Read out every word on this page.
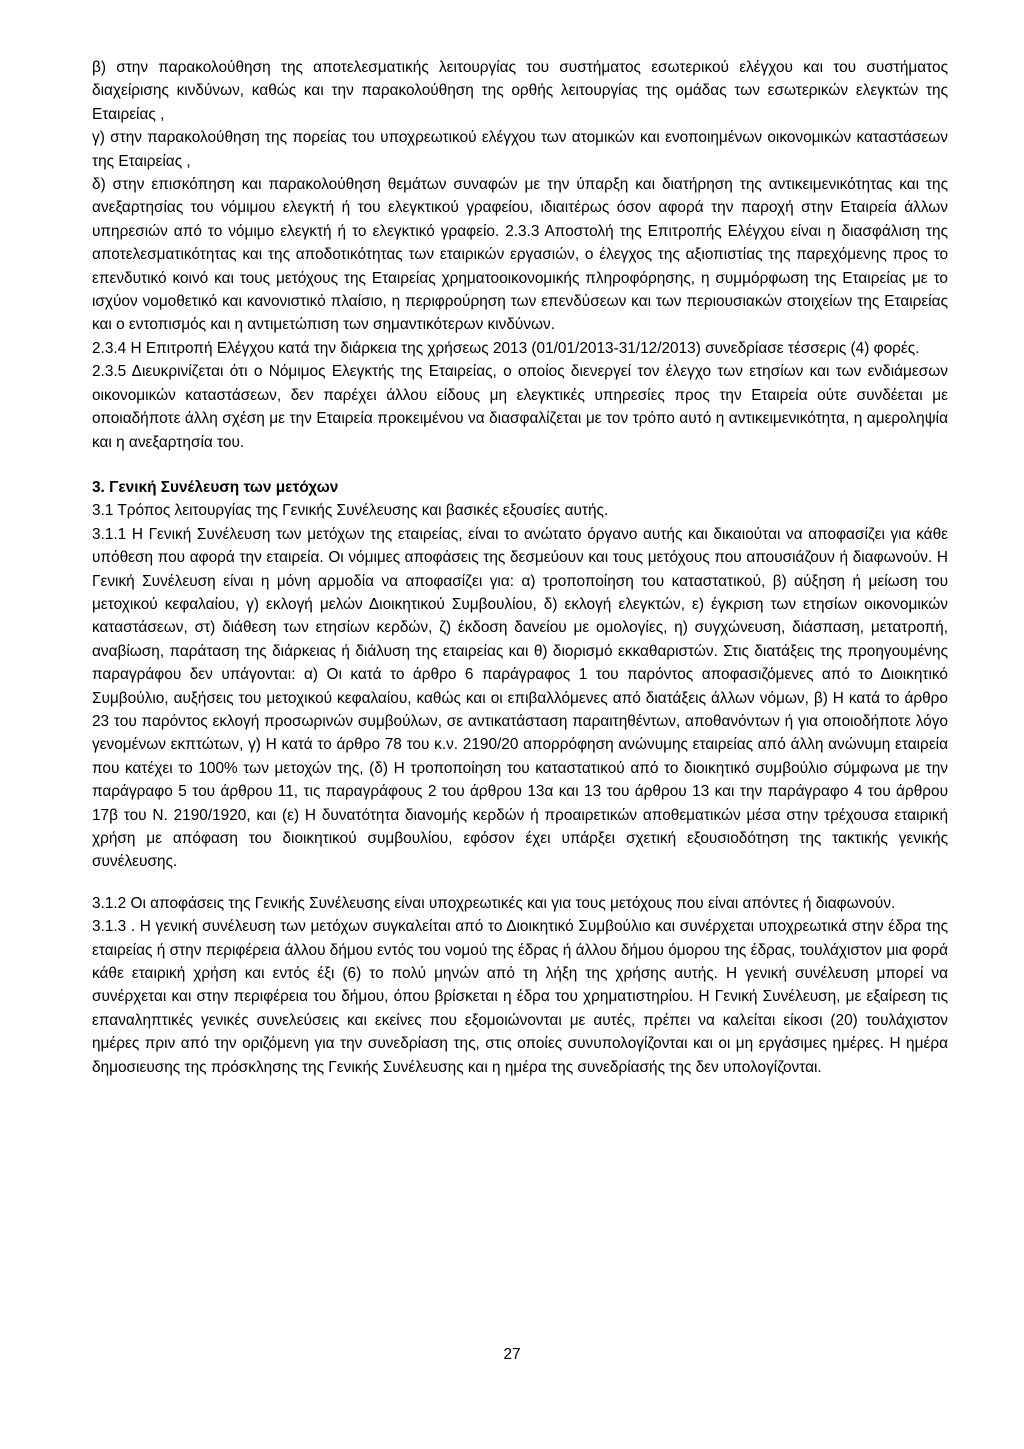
β) στην παρακολούθηση της αποτελεσματικής λειτουργίας του συστήματος εσωτερικού ελέγχου και του συστήματος διαχείρισης κινδύνων, καθώς και την παρακολούθηση της ορθής λειτουργίας της ομάδας των εσωτερικών ελεγκτών της Εταιρείας ,

γ) στην παρακολούθηση της πορείας του υποχρεωτικού ελέγχου των ατομικών και ενοποιημένων οικονομικών καταστάσεων της Εταιρείας ,

δ) στην επισκόπηση και παρακολούθηση θεμάτων συναφών με την ύπαρξη και διατήρηση της αντικειμενικότητας και της ανεξαρτησίας του νόμιμου ελεγκτή ή του ελεγκτικού γραφείου, ιδιαιτέρως όσον αφορά την παροχή στην Εταιρεία άλλων υπηρεσιών από το νόμιμο ελεγκτή ή το ελεγκτικό γραφείο. 2.3.3 Αποστολή της Επιτροπής Ελέγχου είναι η διασφάλιση της αποτελεσματικότητας και της αποδοτικότητας των εταιρικών εργασιών, ο έλεγχος της αξιοπιστίας της παρεχόμενης προς το επενδυτικό κοινό και τους μετόχους της Εταιρείας χρηματοοικονομικής πληροφόρησης, η συμμόρφωση της Εταιρείας με το ισχύον νομοθετικό και κανονιστικό πλαίσιο, η περιφρούρηση των επενδύσεων και των περιουσιακών στοιχείων της Εταιρείας και ο εντοπισμός και η αντιμετώπιση των σημαντικότερων κινδύνων.

2.3.4 Η Επιτροπή Ελέγχου κατά την διάρκεια της χρήσεως 2013 (01/01/2013-31/12/2013) συνεδρίασε τέσσερις (4) φορές.

2.3.5 Διευκρινίζεται ότι ο Νόμιμος Ελεγκτής της Εταιρείας, ο οποίος διενεργεί τον έλεγχο των ετησίων και των ενδιάμεσων οικονομικών καταστάσεων, δεν παρέχει άλλου είδους μη ελεγκτικές υπηρεσίες προς την Εταιρεία ούτε συνδέεται με οποιαδήποτε άλλη σχέση με την Εταιρεία προκειμένου να διασφαλίζεται με τον τρόπο αυτό η αντικειμενικότητα, η αμεροληψία και η ανεξαρτησία του.

3. Γενική Συνέλευση των μετόχων

3.1 Τρόπος λειτουργίας της Γενικής Συνέλευσης και βασικές εξουσίες αυτής.

3.1.1 Η Γενική Συνέλευση των μετόχων της εταιρείας, είναι το ανώτατο όργανο αυτής και δικαιούται να αποφασίζει για κάθε υπόθεση που αφορά την εταιρεία. Οι νόμιμες αποφάσεις της δεσμεύουν και τους μετόχους που απουσιάζουν ή διαφωνούν. Η Γενική Συνέλευση είναι η μόνη αρμοδία να αποφασίζει για: α) τροποποίηση του καταστατικού, β) αύξηση ή μείωση του μετοχικού κεφαλαίου, γ) εκλογή μελών Διοικητικού Συμβουλίου, δ) εκλογή ελεγκτών, ε) έγκριση των ετησίων οικονομικών καταστάσεων, στ) διάθεση των ετησίων κερδών, ζ) έκδοση δανείου με ομολογίες, η) συγχώνευση, διάσπαση, μετατροπή, αναβίωση, παράταση της διάρκειας ή διάλυση της εταιρείας και θ) διορισμό εκκαθαριστών. Στις διατάξεις της προηγουμένης παραγράφου δεν υπάγονται: α) Οι κατά το άρθρο 6 παράγραφος 1 του παρόντος αποφασιζόμενες από το Διοικητικό Συμβούλιο, αυξήσεις του μετοχικού κεφαλαίου, καθώς και οι επιβαλλόμενες από διατάξεις άλλων νόμων, β) Η κατά το άρθρο 23 του παρόντος εκλογή προσωρινών συμβούλων, σε αντικατάσταση παραιτηθέντων, αποθανόντων ή για οποιοδήποτε λόγο γενομένων εκπτώτων, γ) Η κατά το άρθρο 78 του κ.ν. 2190/20 απορρόφηση ανώνυμης εταιρείας από άλλη ανώνυμη εταιρεία που κατέχει το 100% των μετοχών της, (δ) Η τροποποίηση του καταστατικού από το διοικητικό συμβούλιο σύμφωνα με την παράγραφο 5 του άρθρου 11, τις παραγράφους 2 του άρθρου 13α και 13 του άρθρου 13 και την παράγραφο 4 του άρθρου 17β του Ν. 2190/1920, και (ε) Η δυνατότητα διανομής κερδών ή προαιρετικών αποθεματικών μέσα στην τρέχουσα εταιρική χρήση με απόφαση του διοικητικού συμβουλίου, εφόσον έχει υπάρξει σχετική εξουσιοδότηση της τακτικής γενικής συνέλευσης.

3.1.2 Οι αποφάσεις της Γενικής Συνέλευσης είναι υποχρεωτικές και για τους μετόχους που είναι απόντες ή διαφωνούν.

3.1.3 . Η γενική συνέλευση των μετόχων συγκαλείται από το Διοικητικό Συμβούλιο και συνέρχεται υποχρεωτικά στην έδρα της εταιρείας ή στην περιφέρεια άλλου δήμου εντός του νομού της έδρας ή άλλου δήμου όμορου της έδρας, τουλάχιστον μια φορά κάθε εταιρική χρήση και εντός έξι (6) το πολύ μηνών από τη λήξη της χρήσης αυτής. Η γενική συνέλευση μπορεί να συνέρχεται και στην περιφέρεια του δήμου, όπου βρίσκεται η έδρα του χρηματιστηρίου. Η Γενική Συνέλευση, με εξαίρεση τις επαναληπτικές γενικές συνελεύσεις και εκείνες που εξομοιώνονται με αυτές, πρέπει να καλείται είκοσι (20) τουλάχιστον ημέρες πριν από την οριζόμενη για την συνεδρίαση της, στις οποίες συνυπολογίζονται και οι μη εργάσιμες ημέρες. Η ημέρα δημοσιευσης της πρόσκλησης της Γενικής Συνέλευσης και η ημέρα της συνεδρίασής της δεν υπολογίζονται.

27
